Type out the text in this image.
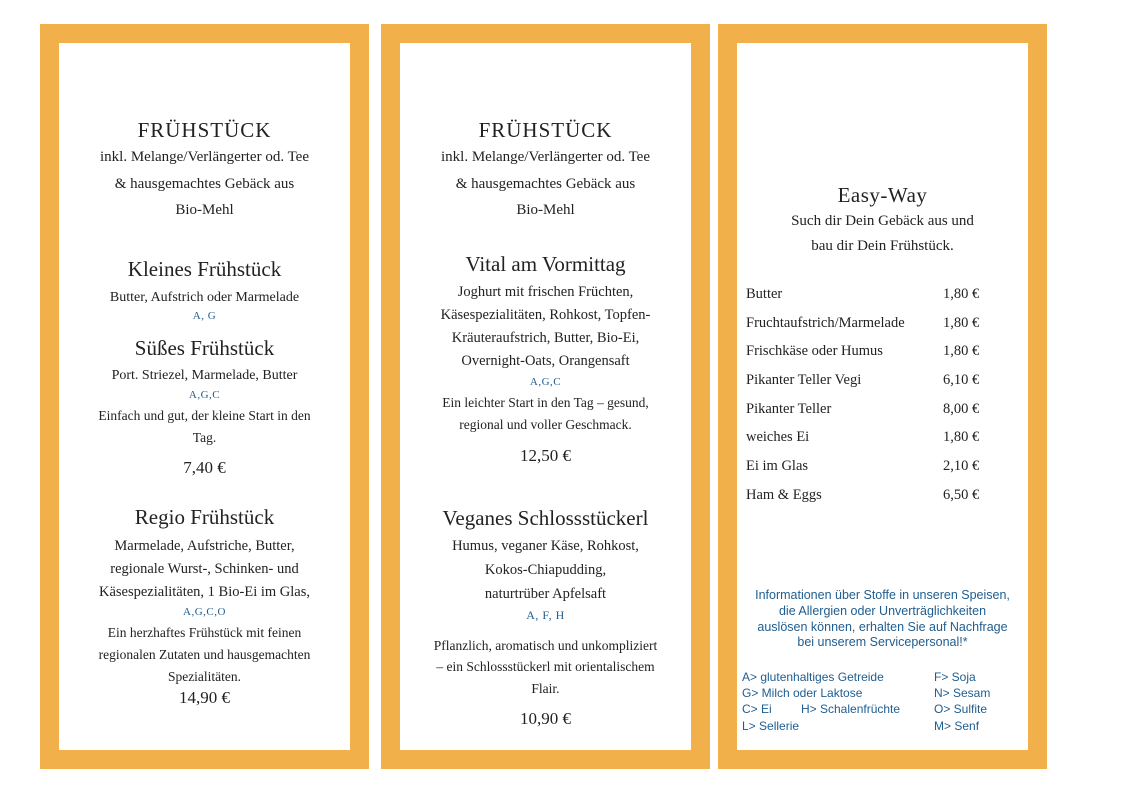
FRÜHSTÜCK
inkl. Melange/Verlängerter od. Tee
& hausgemachtes Gebäck aus
Bio-Mehl
Kleines Frühstück
Butter, Aufstrich oder Marmelade
A, G
Süßes Frühstück
Port. Striezel, Marmelade, Butter
A,G,C
Einfach und gut, der kleine Start in den
Tag.
7,40 €
Regio Frühstück
Marmelade, Aufstriche, Butter,
regionale Wurst-, Schinken- und
Käsespezialitäten, 1 Bio-Ei im Glas,
A,G,C,O
Ein herzhaftes Frühstück mit feinen
regionalen Zutaten und hausgemachten
Spezialitäten.
14,90 €
FRÜHSTÜCK
inkl. Melange/Verlängerter od. Tee
& hausgemachtes Gebäck aus
Bio-Mehl
Vital am Vormittag
Joghurt mit frischen Früchten,
Käsespezialitäten, Rohkost, Topfen-
Kräuteraufstrich, Butter, Bio-Ei,
Overnight-Oats, Orangensaft
A,G,C
Ein leichter Start in den Tag – gesund,
regional und voller Geschmack.
12,50 €
Veganes Schlossstückerl
Humus, veganer Käse, Rohkost,
Kokos-Chiapudding,
naturtrüber Apfelsaft
A, F, H
Pflanzlich, aromatisch und unkompliziert
– ein Schlossstückerl mit orientalischem
Flair.
10,90 €
Easy-Way
Such dir Dein Gebäck aus und
bau dir Dein Frühstück.
Butter	1,80 €
Fruchtaufstrich/Marmelade	1,80 €
Frischkäse oder Humus	1,80 €
Pikanter Teller Vegi	6,10 €
Pikanter Teller	8,00 €
weiches Ei	1,80 €
Ei im Glas	2,10 €
Ham & Eggs	6,50 €
Informationen über Stoffe in unseren Speisen,
die Allergien oder Unverträglichkeiten
auslösen können, erhalten Sie auf Nachfrage
bei unserem Servicepersonal!*
A> glutenhaltiges Getreide	F> Soja
G> Milch oder Laktose	N> Sesam
C> Ei H> Schalenfrüchte	O> Sulfite
L> Sellerie	M> Senf
